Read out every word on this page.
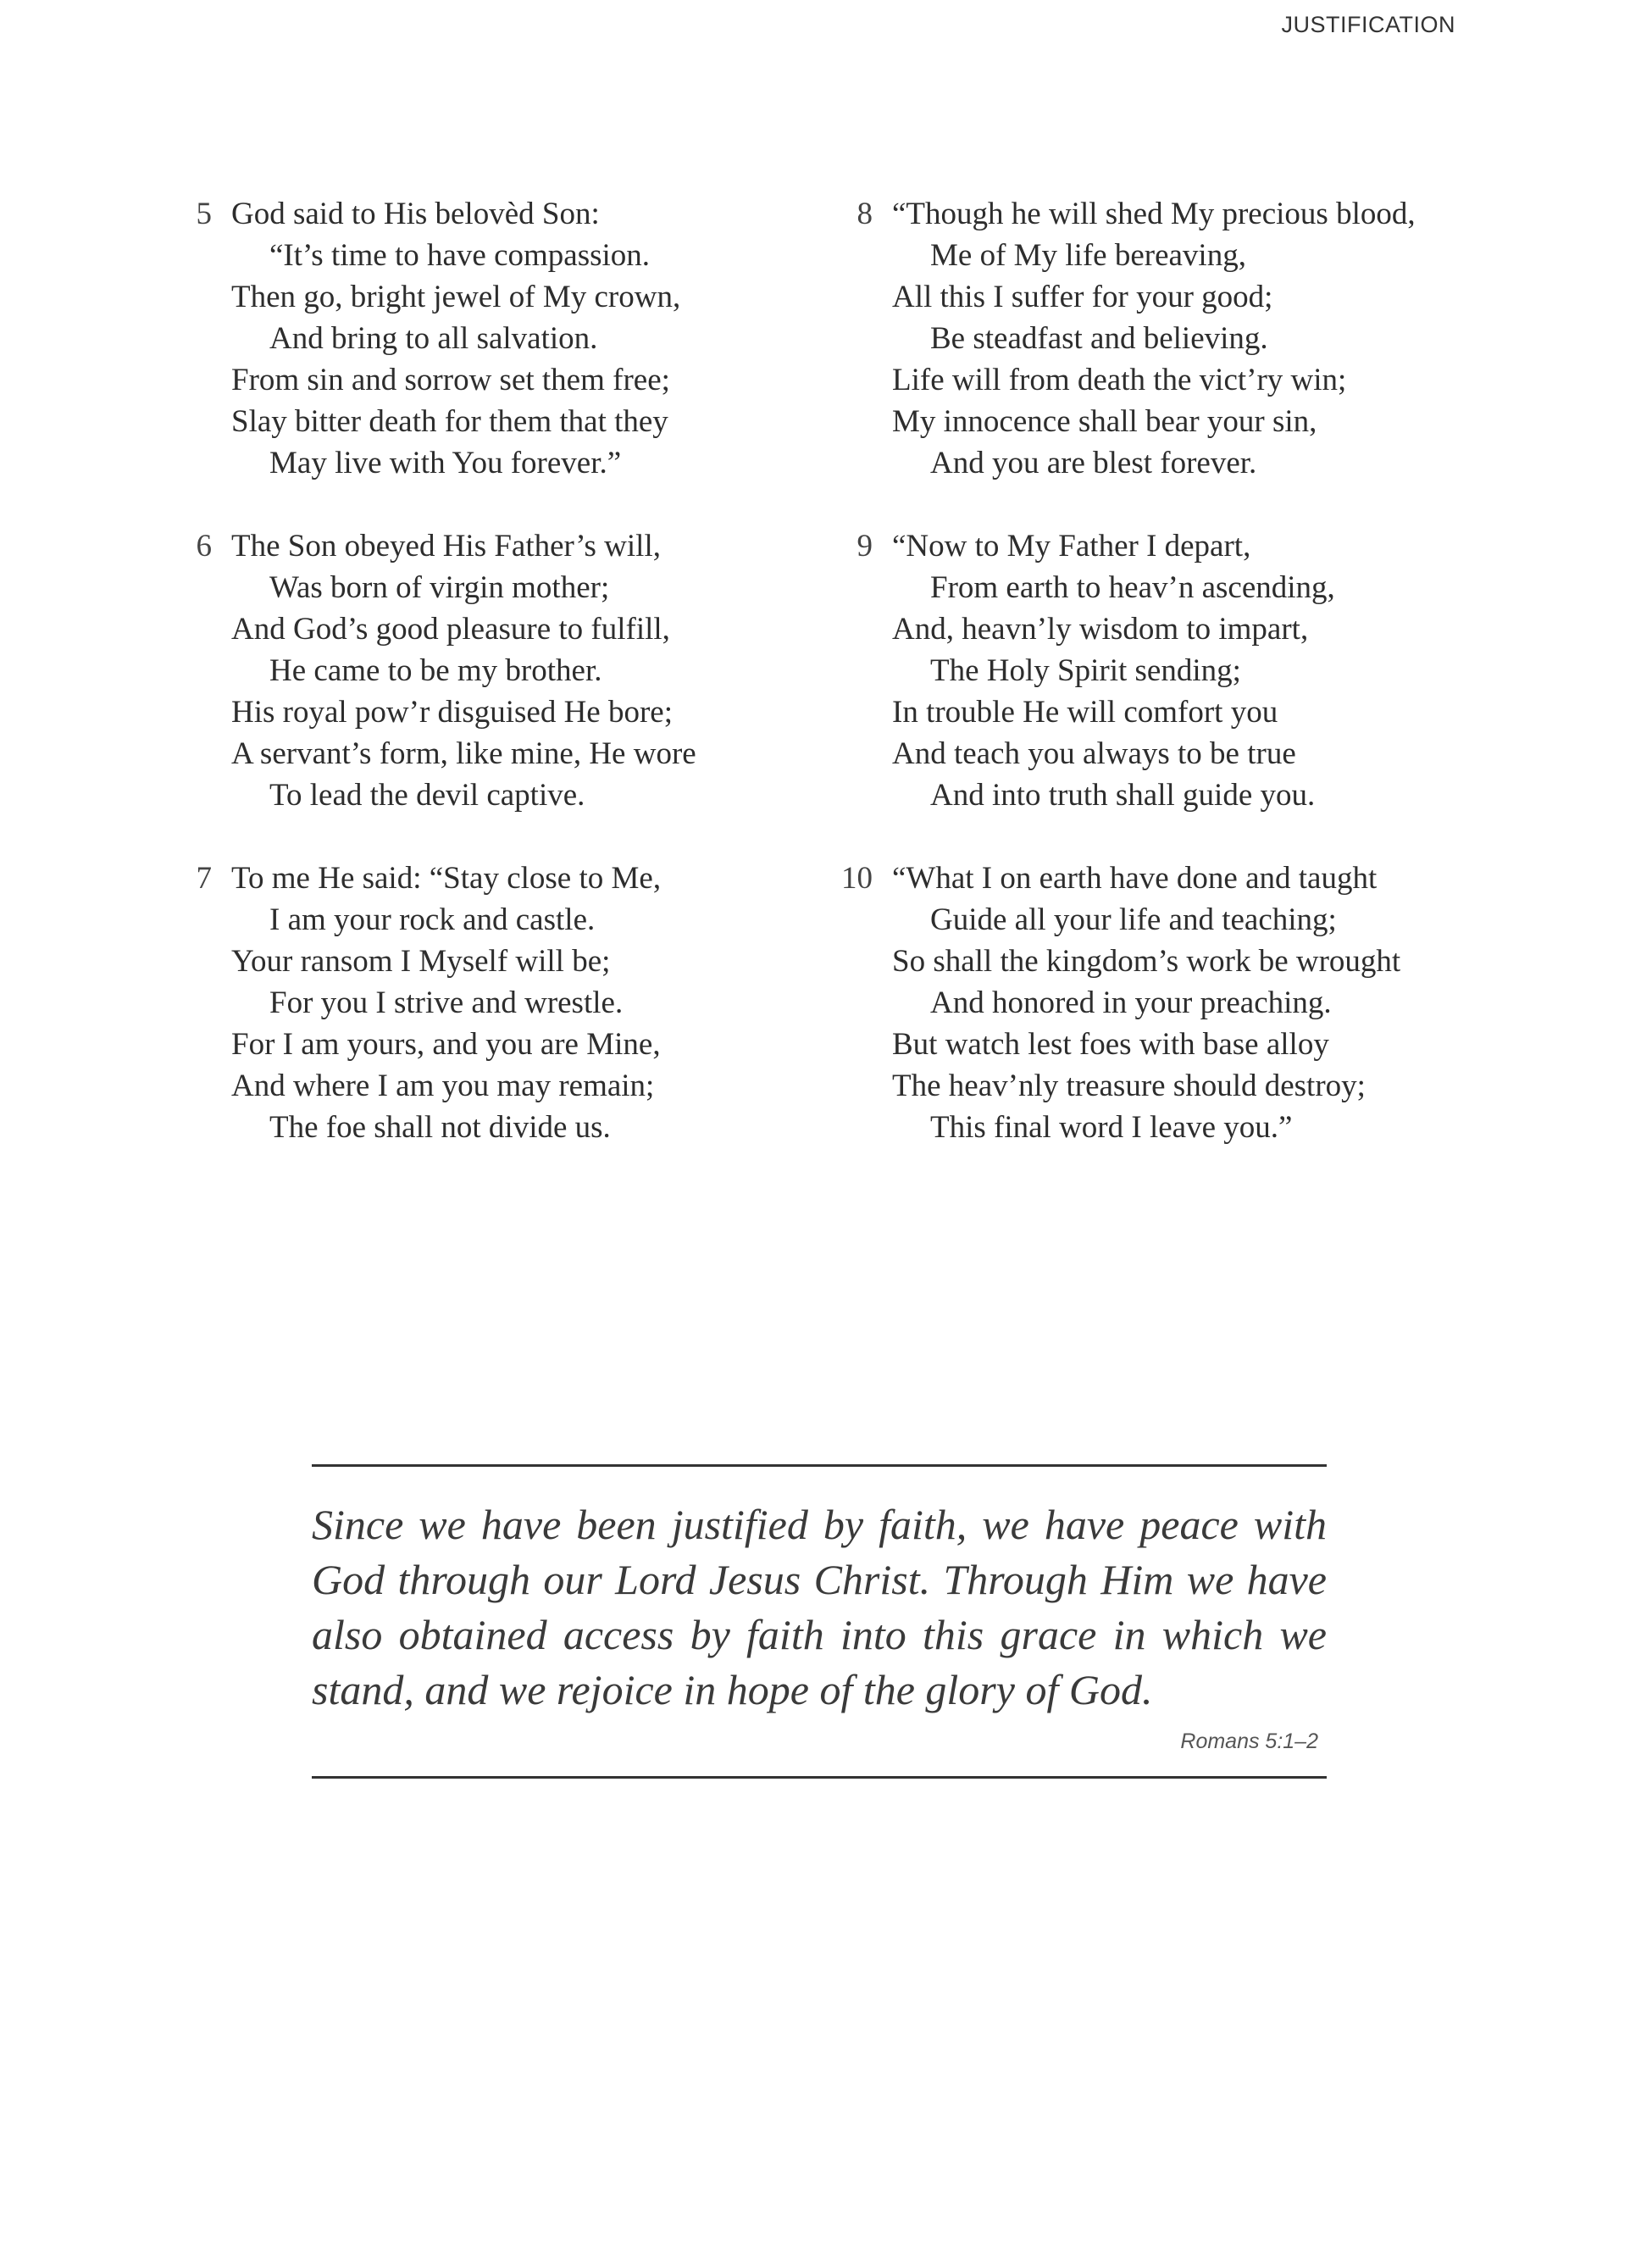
JUSTIFICATION
5 God said to His belovèd Son:
“It’s time to have compassion.
Then go, bright jewel of My crown,
And bring to all salvation.
From sin and sorrow set them free;
Slay bitter death for them that they
May live with You forever.”
8 “Though he will shed My precious blood,
Me of My life bereaving,
All this I suffer for your good;
Be steadfast and believing.
Life will from death the vict’ry win;
My innocence shall bear your sin,
And you are blest forever.
6 The Son obeyed His Father’s will,
Was born of virgin mother;
And God’s good pleasure to fulfill,
He came to be my brother.
His royal pow’r disguised He bore;
A servant’s form, like mine, He wore
To lead the devil captive.
9 “Now to My Father I depart,
From earth to heav’n ascending,
And, heavn’ly wisdom to impart,
The Holy Spirit sending;
In trouble He will comfort you
And teach you always to be true
And into truth shall guide you.
7 To me He said: “Stay close to Me,
I am your rock and castle.
Your ransom I Myself will be;
For you I strive and wrestle.
For I am yours, and you are Mine,
And where I am you may remain;
The foe shall not divide us.
10 “What I on earth have done and taught
Guide all your life and teaching;
So shall the kingdom’s work be wrought
And honored in your preaching.
But watch lest foes with base alloy
The heav’nly treasure should destroy;
This final word I leave you.”
Since we have been justified by faith, we have peace with God through our Lord Jesus Christ. Through Him we have also obtained access by faith into this grace in which we stand, and we rejoice in hope of the glory of God.
Romans 5:1–2
